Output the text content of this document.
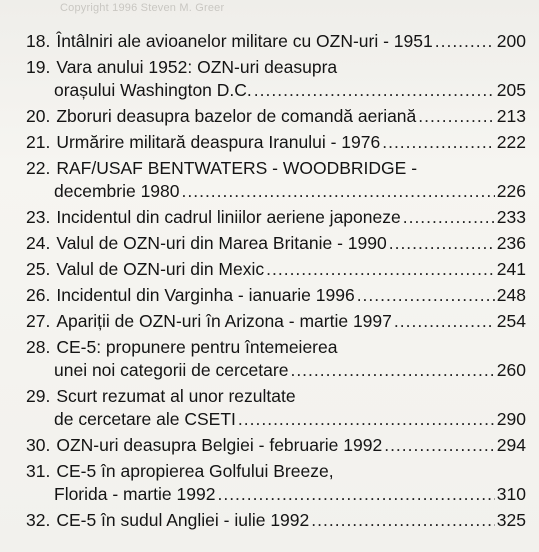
Copyright 1996 Steven M. Greer
18. Întâlniri ale avioanelor militare cu OZN-uri - 1951 .....	200
19. Vara anului 1952: OZN-uri deasupra
orașului Washington D.C. .....	205
20. Zboruri deasupra bazelor de comandă aeriană .....	213
21. Urmărire militară deaspura Iranului - 1976 .....	222
22. RAF/USAF BENTWATERS - WOODBRIDGE -
decembrie 1980 .....	226
23. Incidentul din cadrul liniilor aeriene japoneze .....	233
24. Valul de OZN-uri din Marea Britanie - 1990 .....	236
25. Valul de OZN-uri din Mexic .....	241
26. Incidentul din Varginha - ianuarie 1996 .....	248
27. Apariții de OZN-uri în Arizona - martie 1997 .....	254
28. CE-5: propunere pentru întemeierea
unei noi categorii de cercetare .....	260
29. Scurt rezumat al unor rezultate
de cercetare ale CSETI .....	290
30. OZN-uri deasupra Belgiei - februarie 1992 .....	294
31. CE-5 în apropierea Golfului Breeze,
Florida - martie 1992 .....	310
32. CE-5 în sudul Angliei - iulie 1992 .....	325
